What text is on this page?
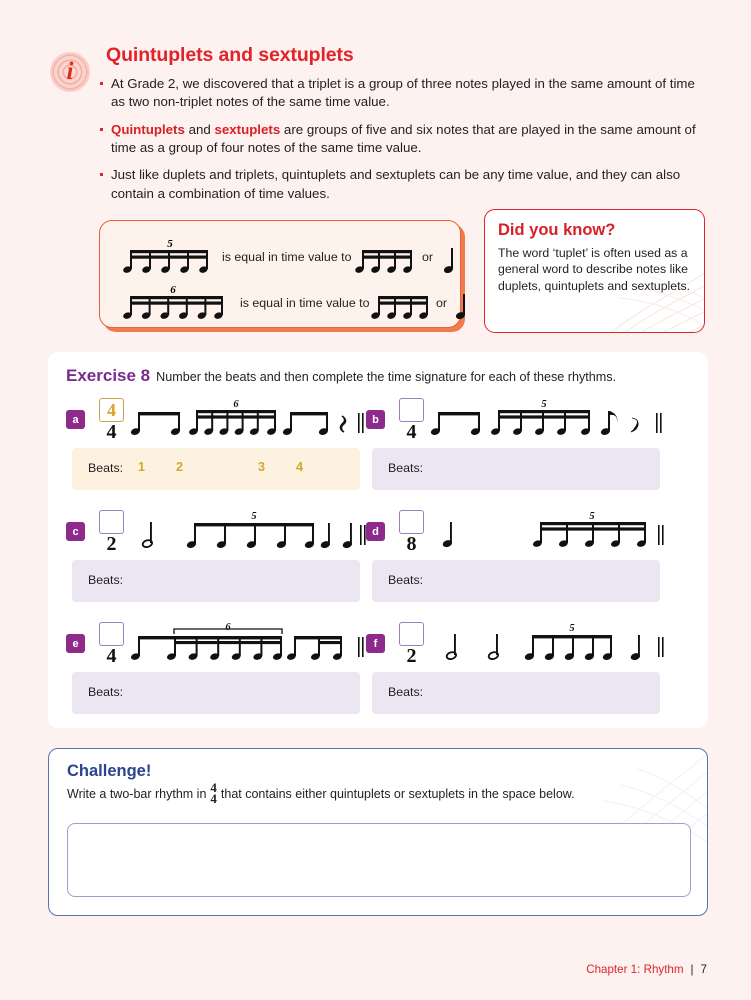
i
Quintuplets and sextuplets
At Grade 2, we discovered that a triplet is a group of three notes played in the same amount of time as two non-triplet notes of the same time value.
Quintuplets and sextuplets are groups of five and six notes that are played in the same amount of time as a group of four notes of the same time value.
Just like duplets and triplets, quintuplets and sextuplets can be any time value, and they can also contain a combination of time values.
5
is equal in time value to	or
6
is equal in time value to	or
Did you know?

The word ‘tuplet’ is often used as a general word to describe notes like duplets, quintuplets and sextuplets.

Exercise 8 Number the beats and then complete the time signature for each of these rhythms.
a	4
4
6
Beats: 1 2	3 4
b
4
5
Beats:
c
2
5
Beats:
d
8
5
Beats:
e
4
6
Beats:
f
2
5
Beats:
Challenge!
Write a two-bar rhythm in 4
4 that contains either quintuplets or sextuplets in the space below.
Chapter 1: Rhythm | 7
